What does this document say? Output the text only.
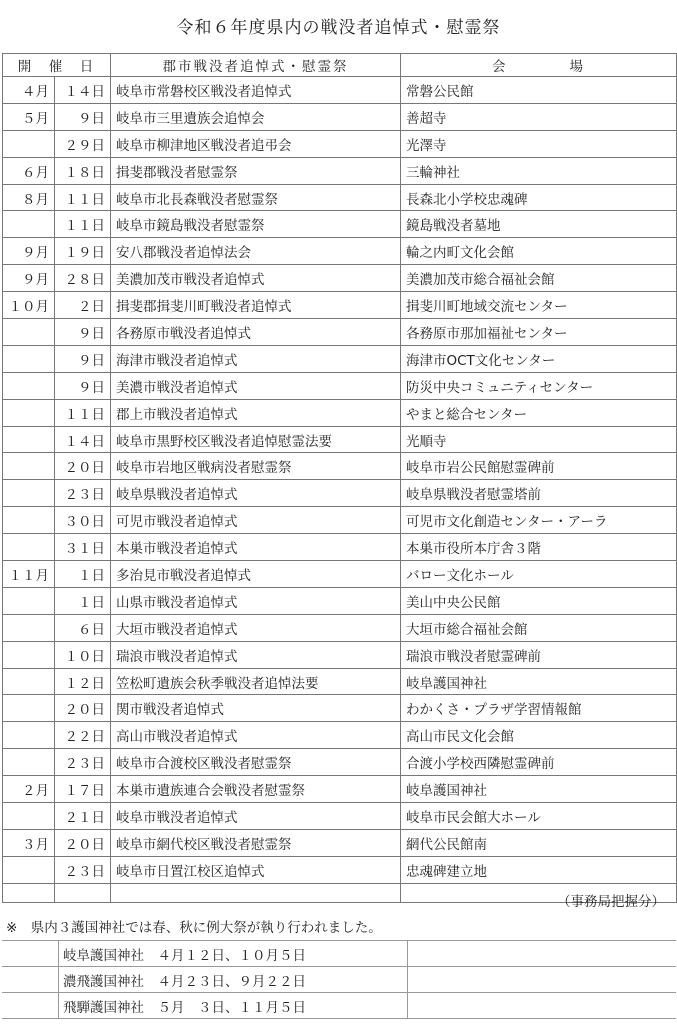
令和６年度県内の戦没者追悼式・慰霊祭
開　催　日		郡市戦没者追悼式・慰霊祭	会　　　　場
４月	１４日	岐阜市常磐校区戦没者追悼式	常磐公民館
５月	９日	岐阜市三里遺族会追悼会	善超寺
	２９日	岐阜市柳津地区戦没者追弔会	光澤寺
６月	１８日	揖斐郡戦没者慰霊祭	三輪神社
８月	１１日	岐阜市北長森戦没者慰霊祭	長森北小学校忠魂碑
	１１日	岐阜市鏡島戦没者慰霊祭	鏡島戦没者墓地
９月	１９日	安八郡戦没者追悼法会	輪之内町文化会館
９月	２８日	美濃加茂市戦没者追悼式	美濃加茂市総合福祉会館
１０月	２日	揖斐郡揖斐川町戦没者追悼式	揖斐川町地域交流センター
	９日	各務原市戦没者追悼式	各務原市那加福祉センター
	９日	海津市戦没者追悼式	海津市OCT文化センター
	９日	美濃市戦没者追悼式	防災中央コミュニティセンター
	１１日	郡上市戦没者追悼式	やまと総合センター
	１４日	岐阜市黒野校区戦没者追悼慰霊法要	光順寺
	２０日	岐阜市岩地区戦病没者慰霊祭	岐阜市岩公民館慰霊碑前
	２３日	岐阜県戦没者追悼式	岐阜県戦没者慰霊塔前
	３０日	可児市戦没者追悼式	可児市文化創造センター・アーラ
	３１日	本巣市戦没者追悼式	本巣市役所本庁舎３階
１１月	１日	多治見市戦没者追悼式	バロー文化ホール
	１日	山県市戦没者追悼式	美山中央公民館
	６日	大垣市戦没者追悼式	大垣市総合福祉会館
	１０日	瑞浪市戦没者追悼式	瑞浪市戦没者慰霊碑前
	１２日	笠松町遺族会秋季戦没者追悼法要	岐阜護国神社
	２０日	関市戦没者追悼式	わかくさ・プラザ学習情報館
	２２日	高山市戦没者追悼式	高山市民文化会館
	２３日	岐阜市合渡校区戦没者慰霊祭	合渡小学校西隣慰霊碑前
２月	１７日	本巣市遺族連合会戦没者慰霊祭	岐阜護国神社
	２１日	岐阜市戦没者追悼式	岐阜市民会館大ホール
３月	２０日	岐阜市網代校区戦没者慰霊祭	網代公民館南
	２３日	岐阜市日置江校区追悼式	忠魂碑建立地

（事務局把握分）
※　県内３護国神社では春、秋に例大祭が執り行われました。
	岐阜護国神社　４月１２日、１０月５日	
	濃飛護国神社　４月２３日、９月２２日	
	飛騨護国神社　５月　３日、１１月５日	
